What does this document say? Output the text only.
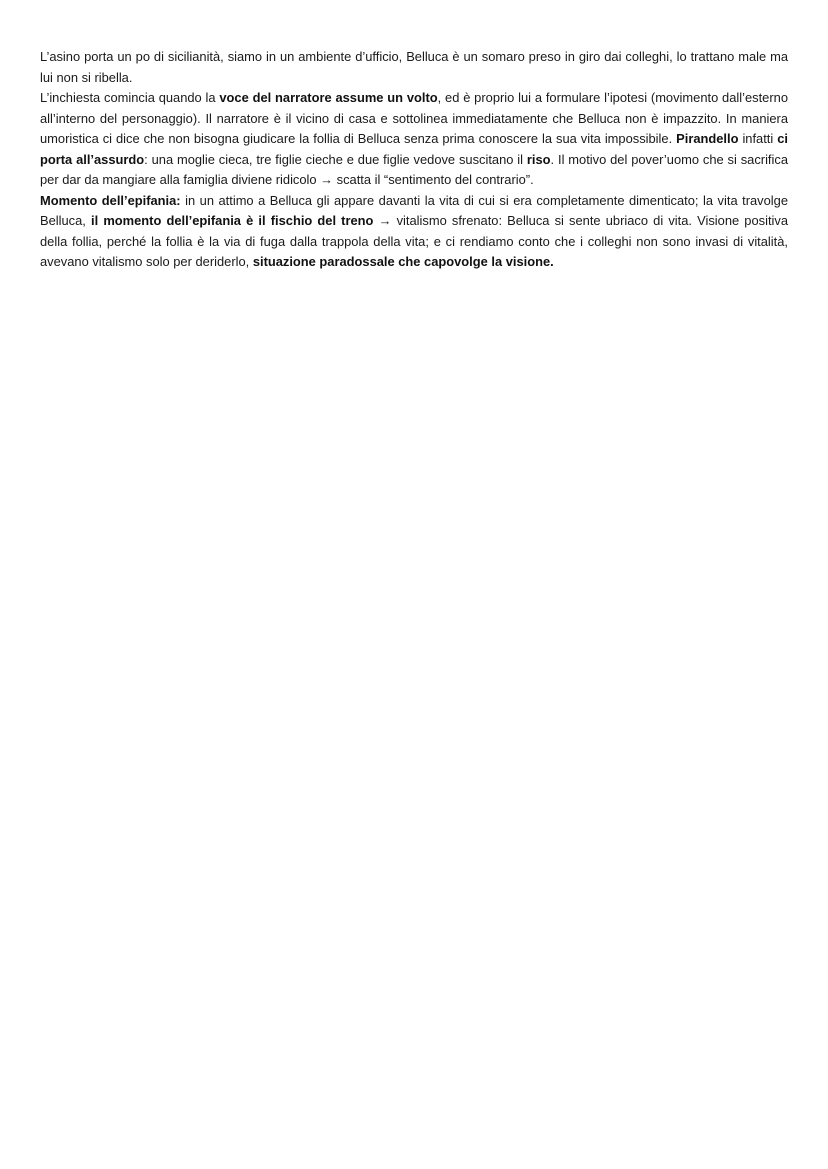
L’asino porta un po di sicilianità, siamo in un ambiente d’ufficio, Belluca è un somaro preso in giro dai colleghi, lo trattano male ma lui non si ribella.

L’inchiesta comincia quando la voce del narratore assume un volto, ed è proprio lui a formulare l’ipotesi (movimento dall’esterno all’interno del personaggio). Il narratore è il vicino di casa e sottolinea immediatamente che Belluca non è impazzito. In maniera umoristica ci dice che non bisogna giudicare la follia di Belluca senza prima conoscere la sua vita impossibile. Pirandello infatti ci porta all’assurdo: una moglie cieca, tre figlie cieche e due figlie vedove suscitano il riso. Il motivo del pover’uomo che si sacrifica per dar da mangiare alla famiglia diviene ridicolo → scatta il “sentimento del contrario”.

Momento dell’epifania: in un attimo a Belluca gli appare davanti la vita di cui si era completamente dimenticato; la vita travolge Belluca, il momento dell’epifania è il fischio del treno → vitalismo sfrenato: Belluca si sente ubriaco di vita. Visione positiva della follia, perché la follia è la via di fuga dalla trappola della vita; e ci rendiamo conto che i colleghi non sono invasi di vitalità, avevano vitalismo solo per deriderlo, situazione paradossale che capovolge la visione.
